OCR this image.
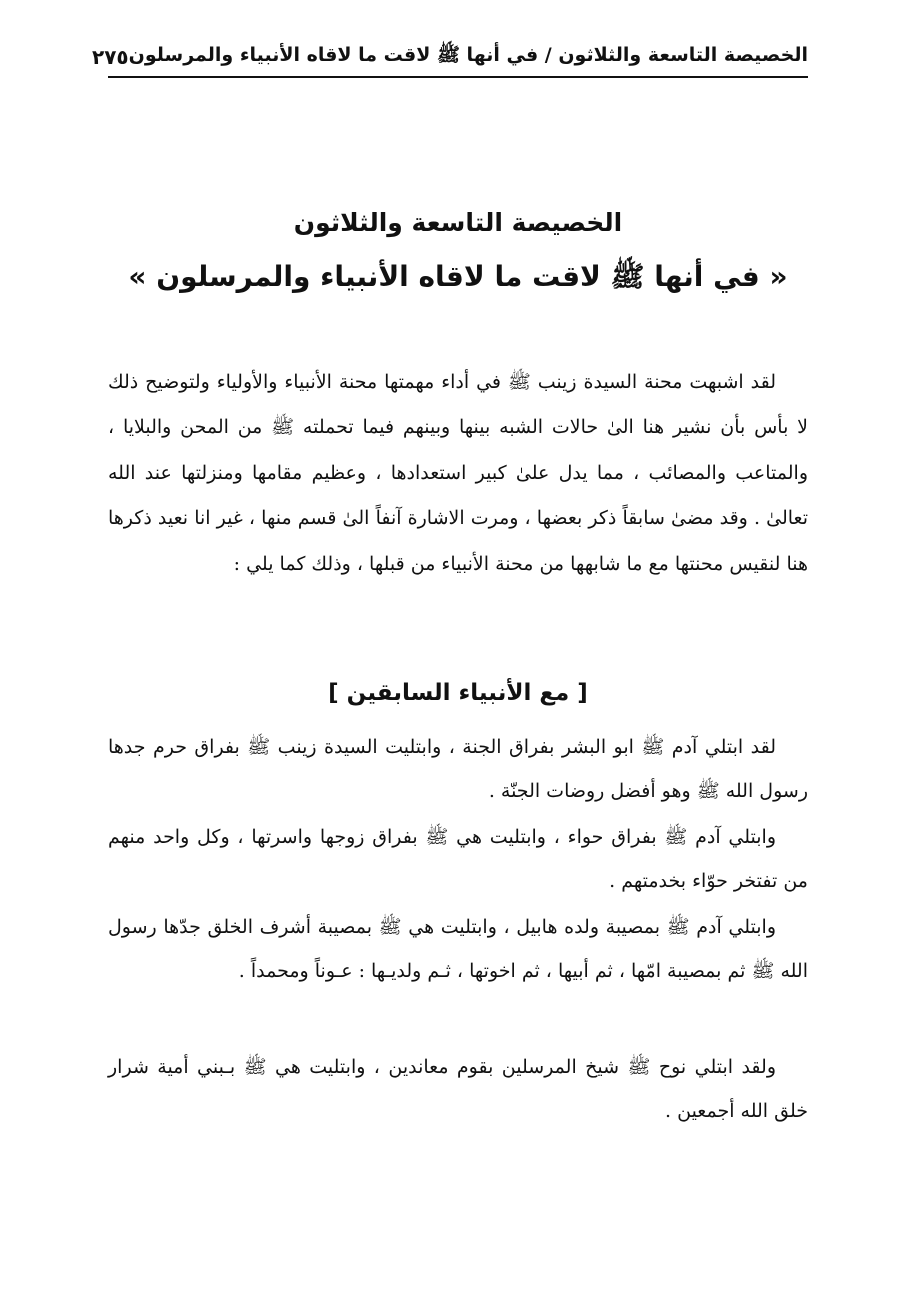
الخصيصة التاسعة والثلاثون / في أنها ﷺ لاقت ما لاقاه الأنبياء والمرسلون
٢٧٥
الخصيصة التاسعة والثلاثون
« في أنها ﷺ لاقت ما لاقاه الأنبياء والمرسلون »

لقد اشبهت محنة السيدة زينب ﷺ في أداء مهمتها محنة الأنبياء والأولياء ولتوضيح ذلك لا بأس بأن نشير هنا الىٰ حالات الشبه بينها وبينهم فيما تحملته ﷺ من المحن والبلايا ، والمتاعب والمصائب ، مما يدل علىٰ كبير استعدادها ، وعظيم مقامها ومنزلتها عند الله تعالىٰ . وقد مضىٰ سابقاً ذكر بعضها ، ومرت الاشارة آنفاً الىٰ قسم منها ، غير انا نعيد ذكرها هنا لنقيس محنتها مع ما شابهها من محنة الأنبياء من قبلها ، وذلك كما يلي :

[ مع الأنبياء السابقين ]

لقد ابتلي آدم ﷺ ابو البشر بفراق الجنة ، وابتليت السيدة زينب ﷺ بفراق حرم جدها رسول الله ﷺ وهو أفضل روضات الجنّة .

وابتلي آدم ﷺ بفراق حواء ، وابتليت هي ﷺ بفراق زوجها واسرتها ، وكل واحد منهم من تفتخر حوّاء بخدمتهم .

وابتلي آدم ﷺ بمصيبة ولده هابيل ، وابتليت هي ﷺ بمصيبة أشرف الخلق جدّها رسول الله ﷺ ثم بمصيبة امّها ، ثم أبيها ، ثم اخوتها ، ثـم ولديـها : عـوناً ومحمداً .

ولقد ابتلي نوح ﷺ شيخ المرسلين بقوم معاندين ، وابتليت هي ﷺ بـبني أمية شرار خلق الله أجمعين .
